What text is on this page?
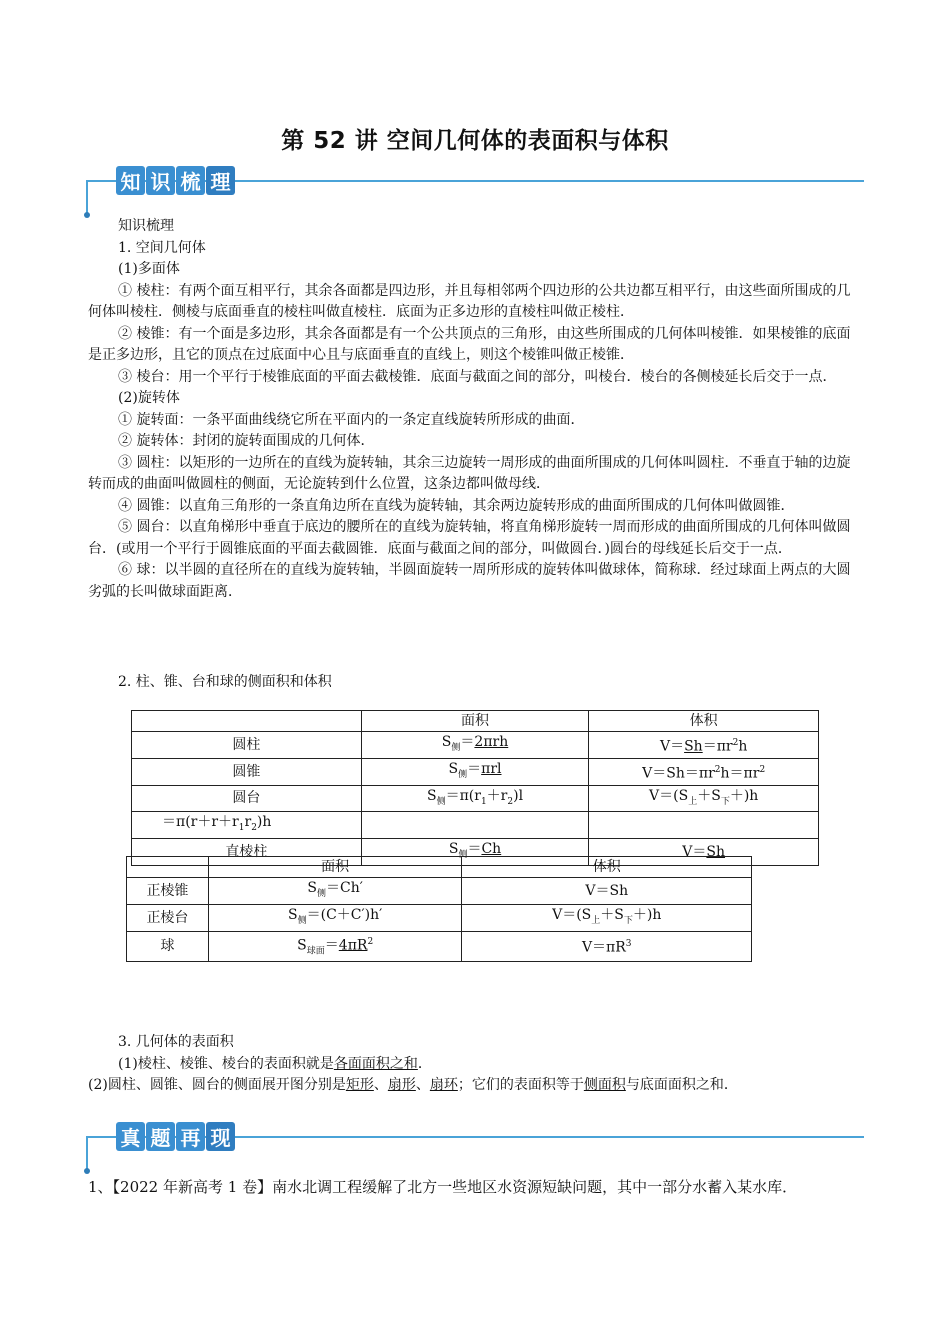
第 52 讲 空间几何体的表面积与体积
知 识 梳 理

知识梳理

1. 空间几何体

(1)多面体

① 棱柱：有两个面互相平行，其余各面都是四边形，并且每相邻两个四边形的公共边都互相平行，由这些面所围成的几何体叫棱柱．侧棱与底面垂直的棱柱叫做直棱柱．底面为正多边形的直棱柱叫做正棱柱．

② 棱锥：有一个面是多边形，其余各面都是有一个公共顶点的三角形，由这些所围成的几何体叫棱锥．如果棱锥的底面是正多边形，且它的顶点在过底面中心且与底面垂直的直线上，则这个棱锥叫做正棱锥．

③ 棱台：用一个平行于棱锥底面的平面去截棱锥．底面与截面之间的部分，叫棱台．棱台的各侧棱延长后交于一点．

(2)旋转体

① 旋转面：一条平面曲线绕它所在平面内的一条定直线旋转所形成的曲面．

② 旋转体：封闭的旋转面围成的几何体．

③ 圆柱：以矩形的一边所在的直线为旋转轴，其余三边旋转一周形成的曲面所围成的几何体叫圆柱．不垂直于轴的边旋转而成的曲面叫做圆柱的侧面，无论旋转到什么位置，这条边都叫做母线．

④ 圆锥：以直角三角形的一条直角边所在直线为旋转轴，其余两边旋转形成的曲面所围成的几何体叫做圆锥．

⑤ 圆台：以直角梯形中垂直于底边的腰所在的直线为旋转轴，将直角梯形旋转一周而形成的曲面所围成的几何体叫做圆台．(或用一个平行于圆锥底面的平面去截圆锥．底面与截面之间的部分，叫做圆台．)圆台的母线延长后交于一点．

⑥ 球：以半圆的直径所在的直线为旋转轴，半圆面旋转一周所形成的旋转体叫做球体，简称球．经过球面上两点的大圆劣弧的长叫做球面距离．

2. 柱、锥、台和球的侧面积和体积

	面积	体积
圆柱	$S_侧=2\pi rh$	$V=Sh=\pi r^2h$
圆锥	$S_侧=\pi rl$	$V=Sh=\pi r^2h=\pi r^2$
圆台	$S_侧=\pi(r_1+r_2)l$	$V=(S_上+S_下+)h$
$=\pi(r+r+r_1r_2)h$		
直棱柱	$S_侧=Ch$	V＝Sh
	面积	体积
正棱锥	$S_侧=Ch'$	V＝Sh
正棱台	$S_侧=(C+C')h'$	$V=(S_上+S_下+)h$
球	$S_{球面}=4\pi R^2$	$V=\pi R^3$

3. 几何体的表面积

(1)棱柱、棱锥、棱台的表面积就是各面面积之和．

(2)圆柱、圆锥、圆台的侧面展开图分别是矩形、扇形、扇环；它们的表面积等于侧面积与底面面积之和．

真 题 再 现
1、【2022 年新高考 1 卷】南水北调工程缓解了北方一些地区水资源短缺问题，其中一部分水蓄入某水库．
